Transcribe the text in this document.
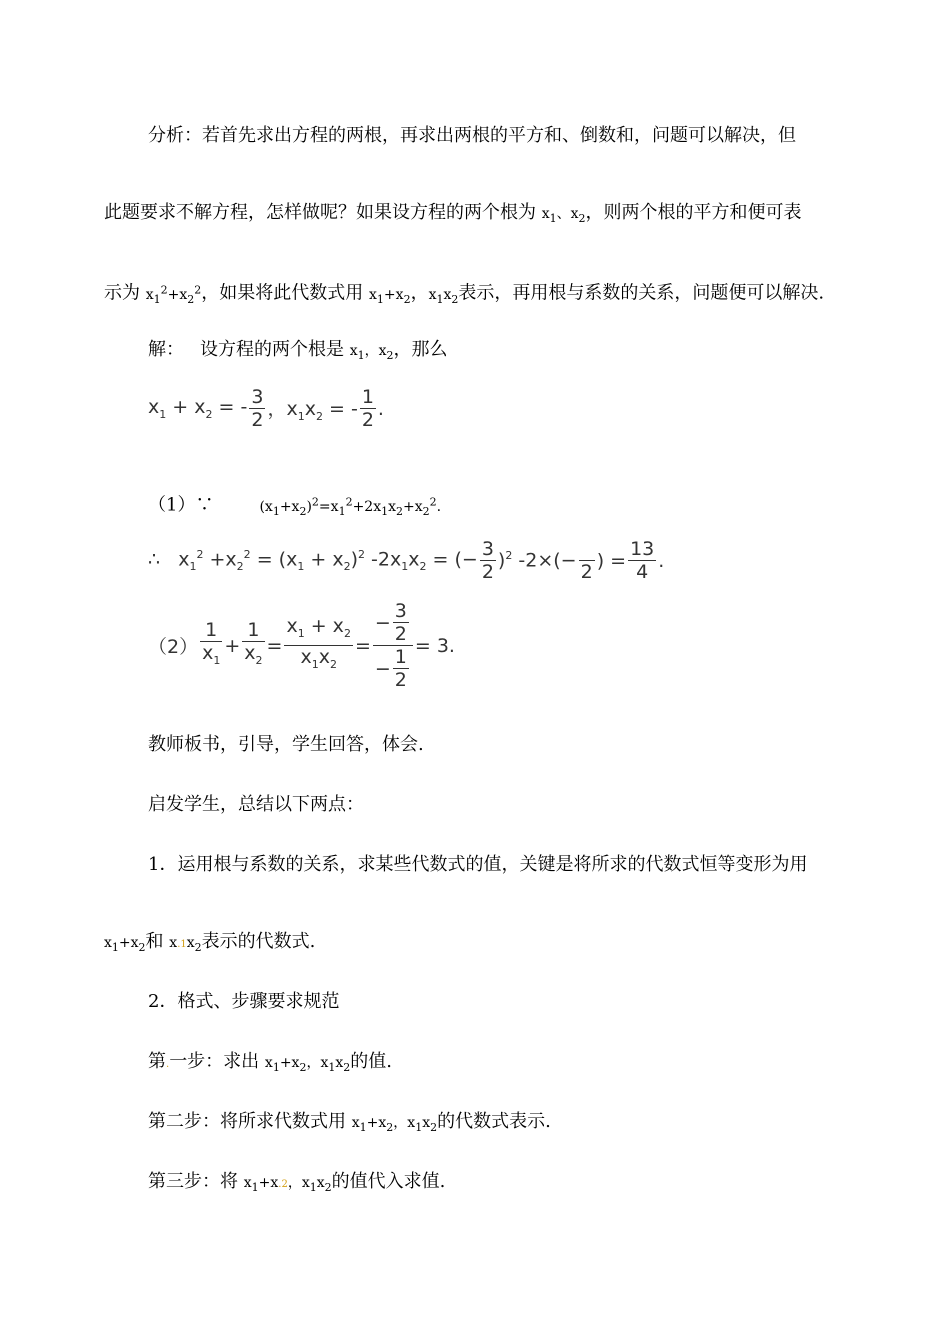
分析：若首先求出方程的两根，再求出两根的平方和、倒数和，问题可以解决，但
此题要求不解方程，怎样做呢？如果设方程的两个根为 $x_1$、$x_2$，则两个根的平方和便可表
示为 $x_1^2+x_2^2$，如果将此代数式用 $x_1+x_2$，$x_1x_2$表示，再用根与系数的关系，问题便可以解决.
解： 设方程的两个根是 $x_1$，$x_2$，那么
$x_1 + x_2$ = - $\frac{3}{2}$ ，$x_1x_2$ = - $\frac{1}{2}$ .
（1）∵	$(x_1+x_2)^2=x_1^2+2x_1x_2+x_2^2$.
∴   $x_1^2 +x_2^2 = (x_1 + x_2)^2$ $-2x_1x_2$ = (− $\frac{3}{2} )^2$ -2×(−

2
) = $\frac{13}{4}$ .
$(2) \frac{1}{x_1} + \frac{1}{x_2} = \frac{x_1 + x_2}{x_1x_2} = \frac{- \frac{3}{2}}{- \frac{1}{2}} = 3$.
教师板书，引导，学生回答，体会.
启发学生，总结以下两点：
1．运用根与系数的关系，求某些代数式的值，关键是将所求的代数式恒等变形为用
$x_1+x_2$和 $x.1x_2$表示的代数式.
2．格式、步骤要求规范
第.一步：求出 $x_1+x_2$，$x_1x_2$的值.
第二步：将所求代数式用 $x_1+x_2$，$x_1x_2$的代数式表示.
第三步：将 $x_1+x.2$，$x_1x_2$的值代入求值.
